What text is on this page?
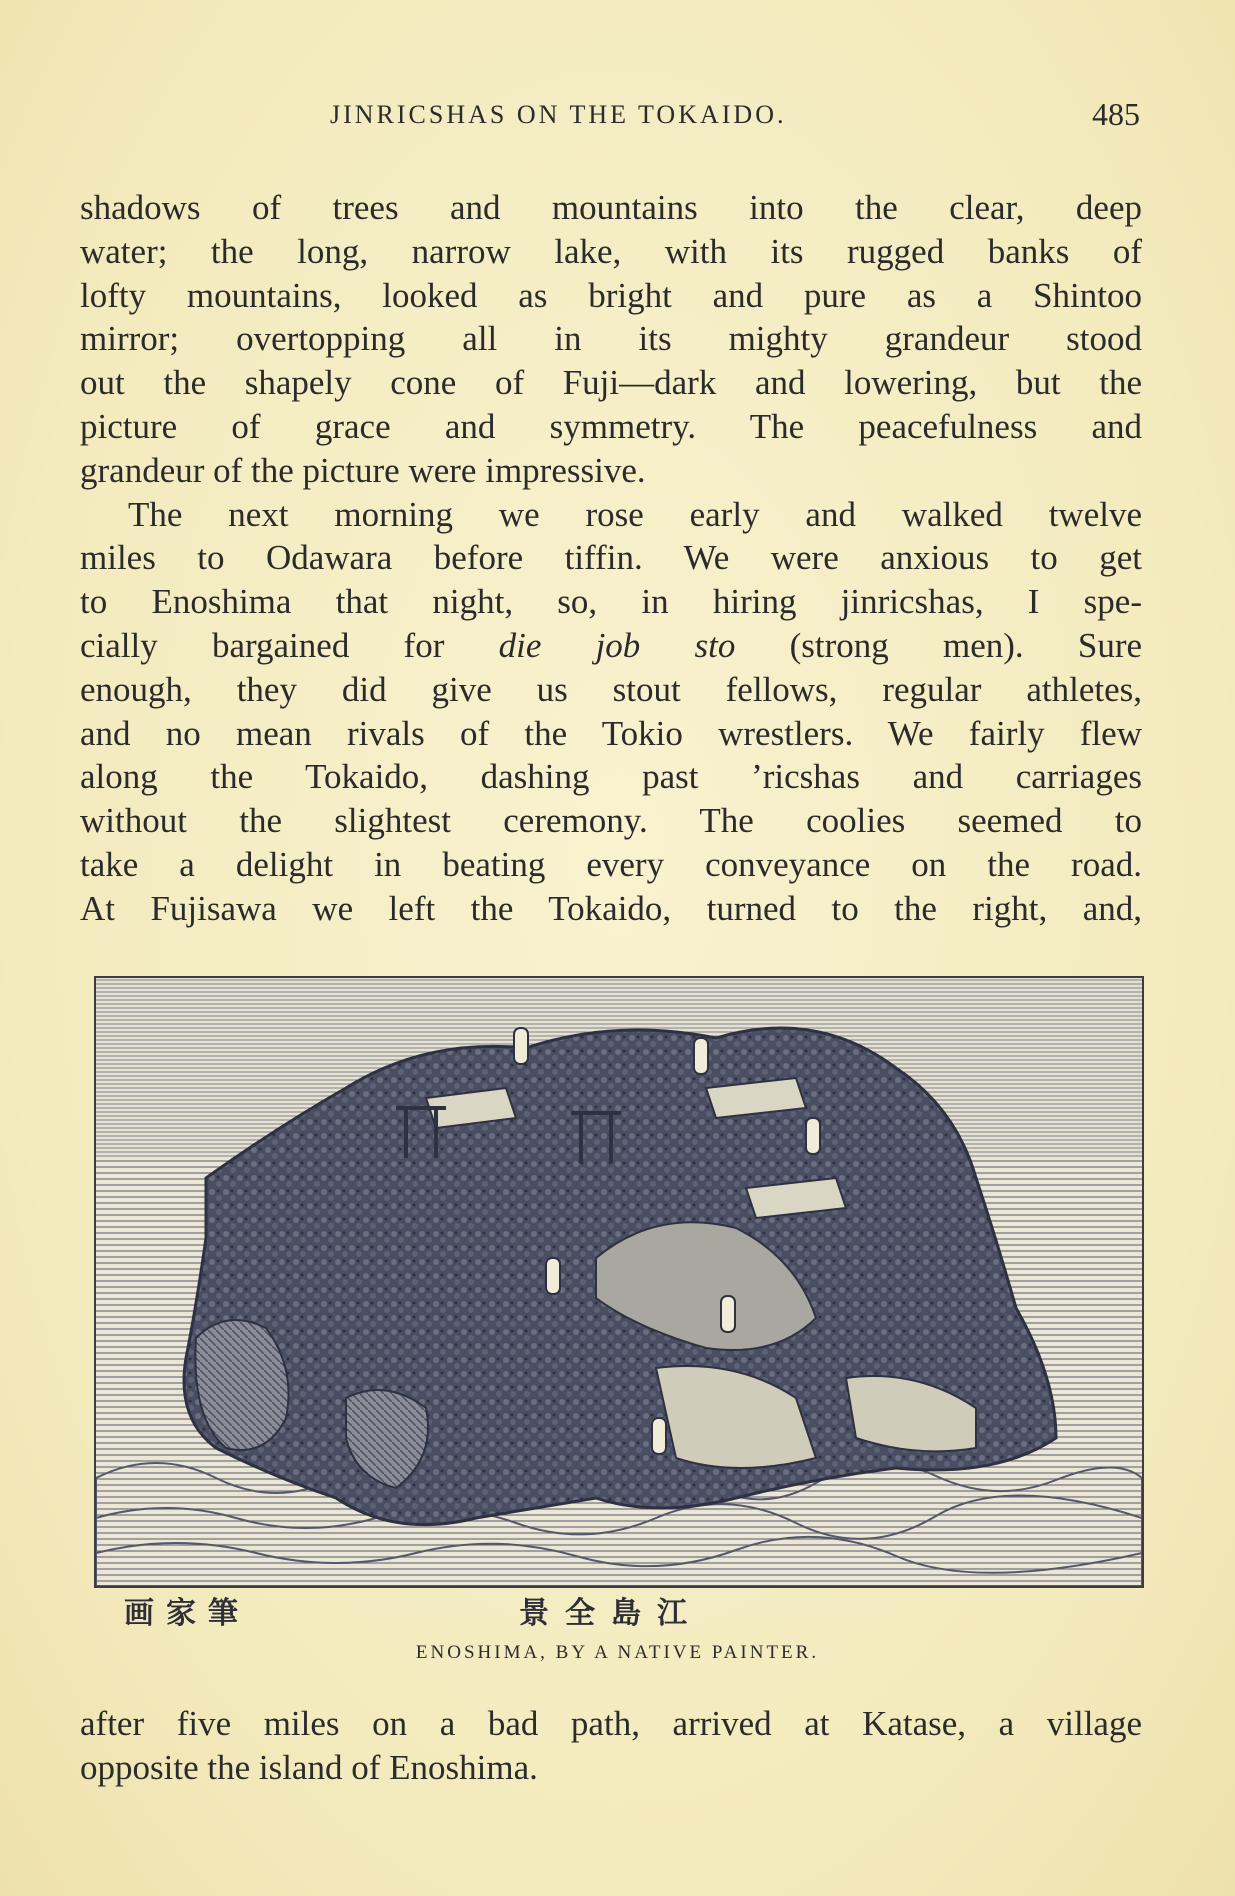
JINRICSHAS ON THE TOKAIDO.	485
shadows of trees and mountains into the clear, deep
water; the long, narrow lake, with its rugged banks of
lofty mountains, looked as bright and pure as a Shintoo
mirror; overtopping all in its mighty grandeur stood
out the shapely cone of Fuji—dark and lowering, but the
picture of grace and symmetry. The peacefulness and
grandeur of the picture were impressive.
The next morning we rose early and walked twelve
miles to Odawara before tiffin. We were anxious to get
to Enoshima that night, so, in hiring jinricshas, I spe-
cially bargained for die job sto (strong men). Sure
enough, they did give us stout fellows, regular athletes,
and no mean rivals of the Tokio wrestlers. We fairly flew
along the Tokaido, dashing past ’ricshas and carriages
without the slightest ceremony. The coolies seemed to
take a delight in beating every conveyance on the road.
At Fujisawa we left the Tokaido, turned to the right, and,
画家筆	景全島江
ENOSHIMA, BY A NATIVE PAINTER.
after five miles on a bad path, arrived at Katase, a village
opposite the island of Enoshima.
